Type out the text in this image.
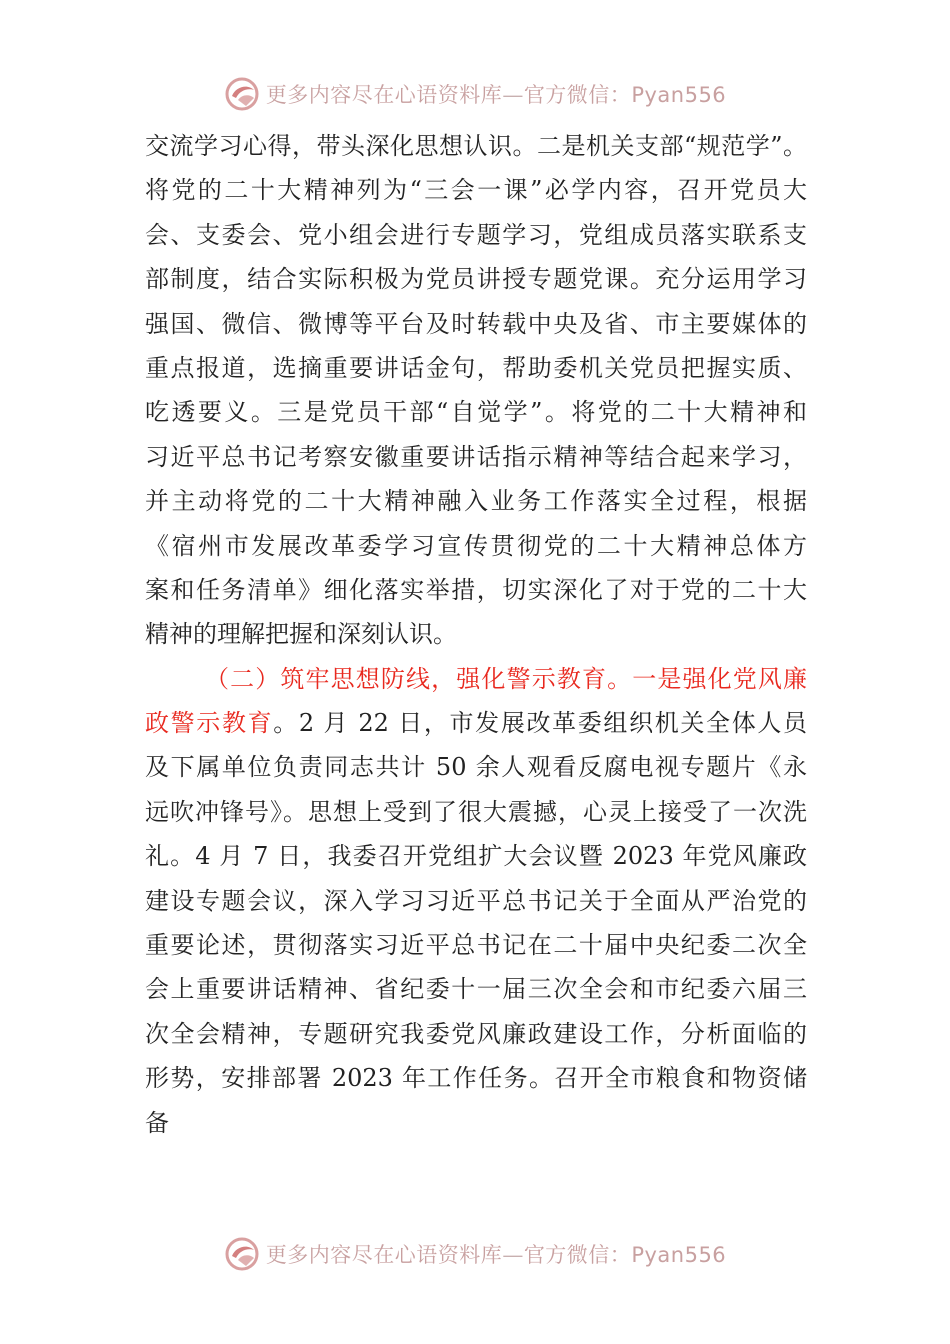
更多内容尽在心语资料库—官方微信：Pyan556
交流学习心得，带头深化思想认识。二是机关支部“规范学”。
将党的二十大精神列为“三会一课”必学内容，召开党员大
会、支委会、党小组会进行专题学习，党组成员落实联系支
部制度，结合实际积极为党员讲授专题党课。充分运用学习
强国、微信、微博等平台及时转载中央及省、市主要媒体的
重点报道，选摘重要讲话金句，帮助委机关党员把握实质、
吃透要义。三是党员干部“自觉学”。将党的二十大精神和
习近平总书记考察安徽重要讲话指示精神等结合起来学习，
并主动将党的二十大精神融入业务工作落实全过程，根据
《宿州市发展改革委学习宣传贯彻党的二十大精神总体方
案和任务清单》细化落实举措，切实深化了对于党的二十大
精神的理解把握和深刻认识。
（二）筑牢思想防线，强化警示教育。一是强化党风廉
政警示教育。2 月 22 日，市发展改革委组织机关全体人员
及下属单位负责同志共计 50 余人观看反腐电视专题片《永
远吹冲锋号》。思想上受到了很大震撼，心灵上接受了一次洗
礼。4 月 7 日，我委召开党组扩大会议暨 2023 年党风廉政
建设专题会议，深入学习习近平总书记关于全面从严治党的
重要论述，贯彻落实习近平总书记在二十届中央纪委二次全
会上重要讲话精神、省纪委十一届三次全会和市纪委六届三
次全会精神，专题研究我委党风廉政建设工作，分析面临的
形势，安排部署 2023 年工作任务。召开全市粮食和物资储
备
更多内容尽在心语资料库—官方微信：Pyan556
